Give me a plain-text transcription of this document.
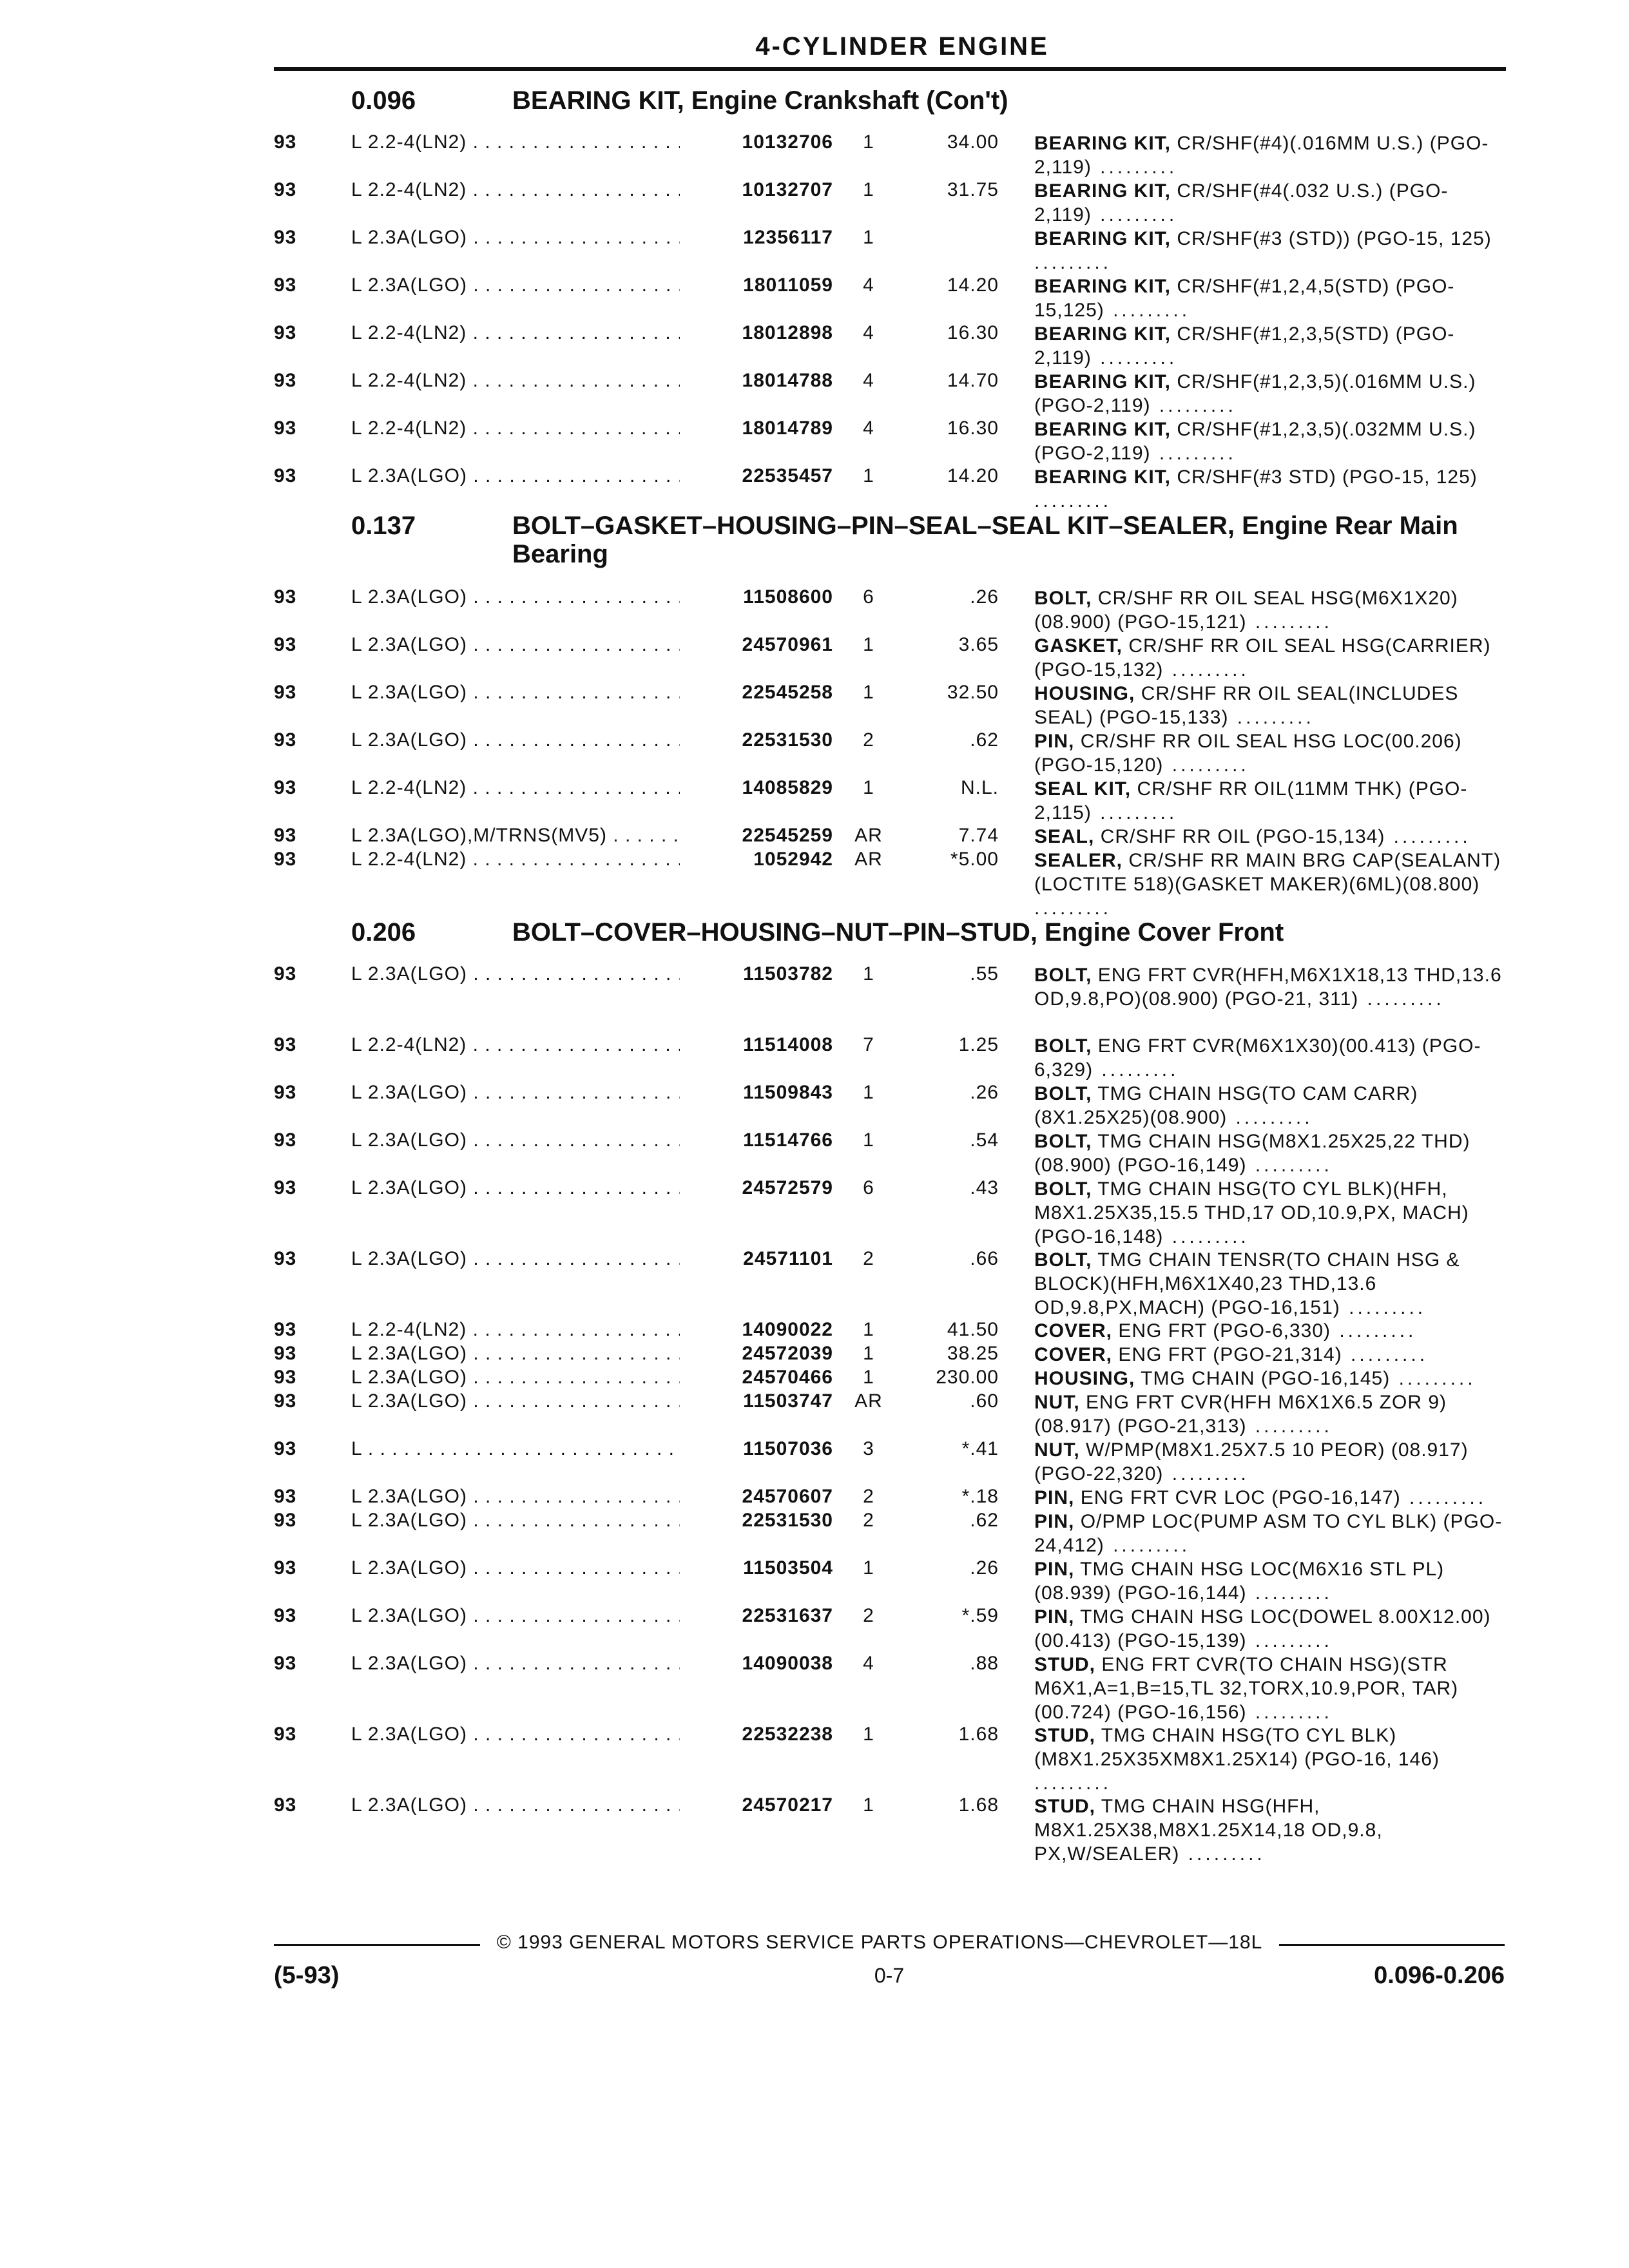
4-CYLINDER ENGINE
0.096	BEARING KIT, Engine Crankshaft (Con't)
93	L 2.2-4(LN2) . . .	10132706	1	34.00 BEARING KIT, CR/SHF(#4)(.016MM U.S.) (PGO-2,119) .........
93	L 2.2-4(LN2) . . .	10132707	1	31.75 BEARING KIT, CR/SHF(#4(.032 U.S.) (PGO-2,119) .........
93	L 2.3A(LGO) . . .	12356117	1	BEARING KIT, CR/SHF(#3 (STD)) (PGO-15, 125) .........
93	L 2.3A(LGO) . . .	18011059	4	14.20 BEARING KIT, CR/SHF(#1,2,4,5(STD) (PGO-15,125) .........
93	L 2.2-4(LN2) . . .	18012898	4	16.30 BEARING KIT, CR/SHF(#1,2,3,5(STD) (PGO-2,119) .........
93	L 2.2-4(LN2) . . .	18014788	4	14.70 BEARING KIT, CR/SHF(#1,2,3,5)(.016MM U.S.) (PGO-2,119) .........
93	L 2.2-4(LN2) . . .	18014789	4	16.30 BEARING KIT, CR/SHF(#1,2,3,5)(.032MM U.S.) (PGO-2,119) .........
93	L 2.3A(LGO) . . .	22535457	1	14.20 BEARING KIT, CR/SHF(#3 STD) (PGO-15, 125) .........
0.137	BOLT–GASKET–HOUSING–PIN–SEAL–SEAL KIT–SEALER, Engine Rear Main Bearing
93	L 2.3A(LGO) . . .	11508600	6	.26 BOLT, CR/SHF RR OIL SEAL HSG(M6X1X20)(08.900) (PGO-15,121) .........
93	L 2.3A(LGO) . . .	24570961	1	3.65 GASKET, CR/SHF RR OIL SEAL HSG(CARRIER) (PGO-15,132) .........
93	L 2.3A(LGO) . . .	22545258	1	32.50 HOUSING, CR/SHF RR OIL SEAL(INCLUDES SEAL) (PGO-15,133) .........
93	L 2.3A(LGO) . . .	22531530	2	.62 PIN, CR/SHF RR OIL SEAL HSG LOC(00.206) (PGO-15,120) .........
93	L 2.2-4(LN2) . . .	14085829	1	N.L. SEAL KIT, CR/SHF RR OIL(11MM THK) (PGO-2,115) .........
93	L 2.3A(LGO),M/TRNS(MV5) . . .	22545259 AR	7.74 SEAL, CR/SHF RR OIL (PGO-15,134) .........
93	L 2.2-4(LN2) . . .	1052942 AR	*5.00 SEALER, CR/SHF RR MAIN BRG CAP(SEALANT)(LOCTITE 518)(GASKET MAKER)(6ML)(08.800) .........
0.206	BOLT–COVER–HOUSING–NUT–PIN–STUD, Engine Cover Front
93	L 2.3A(LGO) . . .	11503782	1	.55 BOLT, ENG FRT CVR(HFH,M6X1X18,13 THD,13.6 OD,9.8,PO)(08.900) (PGO-21, 311) .........
93	L 2.2-4(LN2) . . .	11514008	7	1.25 BOLT, ENG FRT CVR(M6X1X30)(00.413) (PGO-6,329) .........
93	L 2.3A(LGO) . . .	11509843	1	.26 BOLT, TMG CHAIN HSG(TO CAM CARR) (8X1.25X25)(08.900) .........
93	L 2.3A(LGO) . . .	11514766	1	.54 BOLT, TMG CHAIN HSG(M8X1.25X25,22 THD)(08.900) (PGO-16,149) .........
93	L 2.3A(LGO) . . .	24572579	6	.43 BOLT, TMG CHAIN HSG(TO CYL BLK)(HFH, M8X1.25X35,15.5 THD,17 OD,10.9,PX, MACH) (PGO-16,148) .........
93	L 2.3A(LGO) . . .	24571101	2	.66 BOLT, TMG CHAIN TENSR(TO CHAIN HSG & BLOCK)(HFH,M6X1X40,23 THD,13.6 OD,9.8,PX,MACH) (PGO-16,151) .........
93	L 2.2-4(LN2) . . .	14090022	1	41.50 COVER, ENG FRT (PGO-6,330) .........
93	L 2.3A(LGO) . . .	24572039	1	38.25 COVER, ENG FRT (PGO-21,314) .........
93	L 2.3A(LGO) . . .	24570466	1	230.00 HOUSING, TMG CHAIN (PGO-16,145) .........
93	L 2.3A(LGO) . . .	11503747 AR	.60 NUT, ENG FRT CVR(HFH M6X1X6.5 ZOR 9)(08.917) (PGO-21,313) .........
93	L . . .	11507036	3	*.41 NUT, W/PMP(M8X1.25X7.5 10 PEOR) (08.917) (PGO-22,320) .........
93	L 2.3A(LGO) . . .	24570607	2	*.18 PIN, ENG FRT CVR LOC (PGO-16,147) .........
93	L 2.3A(LGO) . . .	22531530	2	.62 PIN, O/PMP LOC(PUMP ASM TO CYL BLK) (PGO-24,412) .........
93	L 2.3A(LGO) . . .	11503504	1	.26 PIN, TMG CHAIN HSG LOC(M6X16 STL PL)(08.939) (PGO-16,144) .........
93	L 2.3A(LGO) . . .	22531637	2	*.59 PIN, TMG CHAIN HSG LOC(DOWEL 8.00X12.00)(00.413) (PGO-15,139) .........
93	L 2.3A(LGO) . . .	14090038	4	.88 STUD, ENG FRT CVR(TO CHAIN HSG)(STR M6X1,A=1,B=15,TL 32,TORX,10.9,POR, TAR)(00.724) (PGO-16,156) .........
93	L 2.3A(LGO) . . .	22532238	1	1.68 STUD, TMG CHAIN HSG(TO CYL BLK) (M8X1.25X35XM8X1.25X14) (PGO-16, 146) .........
93	L 2.3A(LGO) . . .	24570217	1	1.68 STUD, TMG CHAIN HSG(HFH, M8X1.25X38,M8X1.25X14,18 OD,9.8, PX,W/SEALER) .........
© 1993 GENERAL MOTORS SERVICE PARTS OPERATIONS—CHEVROLET—18L
(5-93)	0-7	0.096-0.206
